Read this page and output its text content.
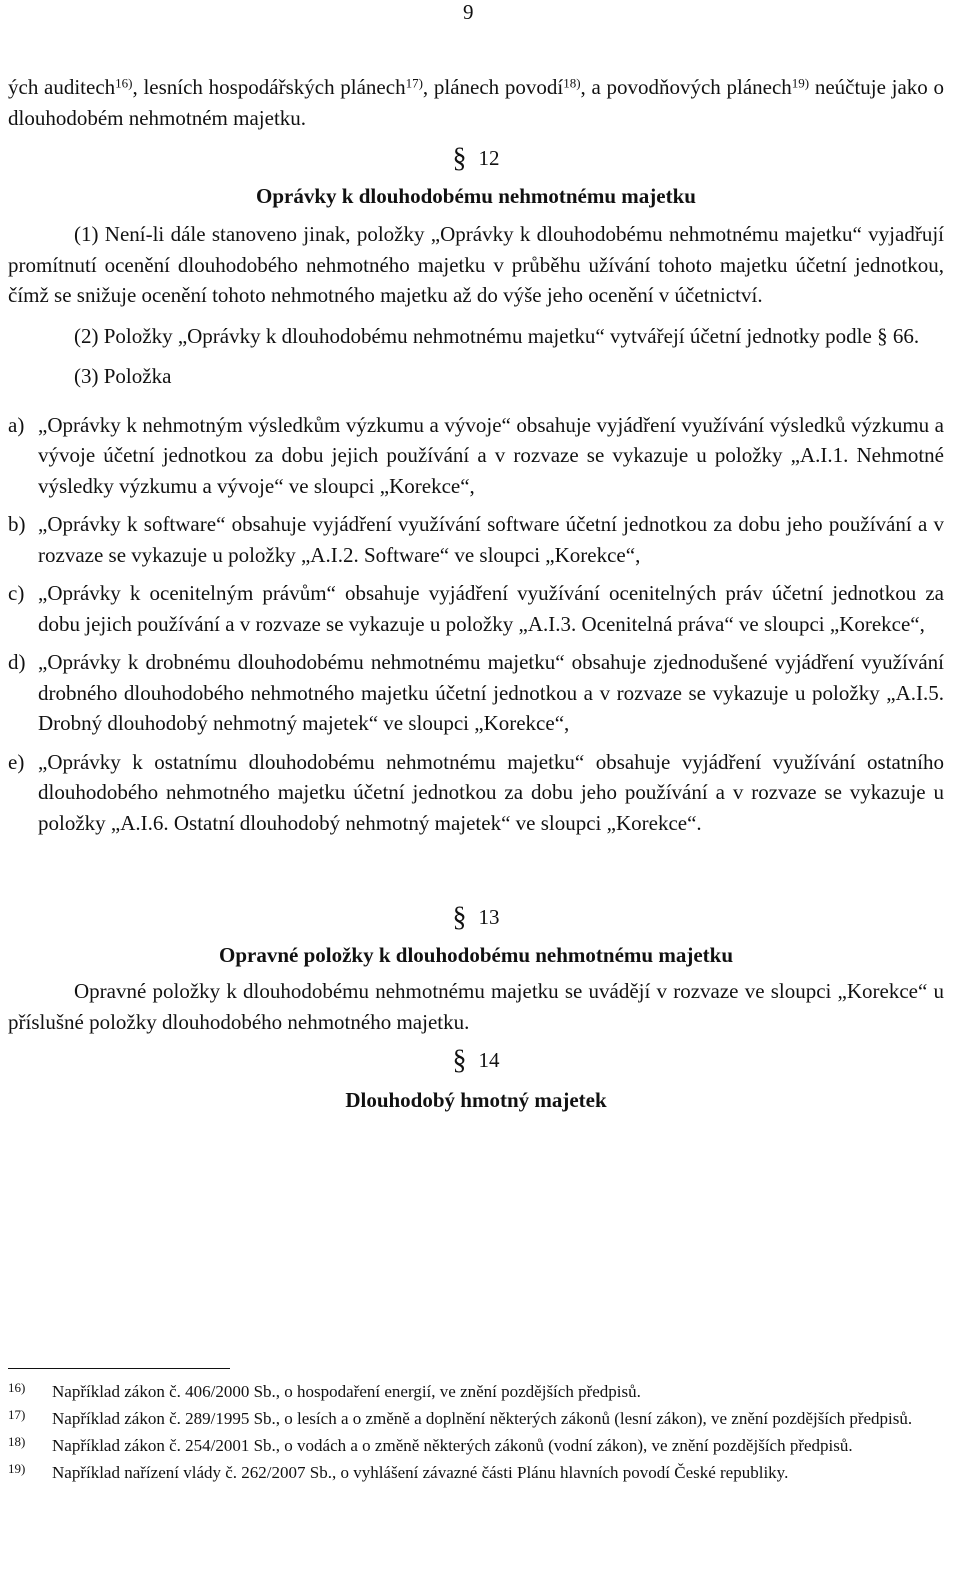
9

ých auditech$^{16)}$, lesních hospodářských plánech$^{17)}$, plánech povodí$^{18)}$, a povodňových plánech$^{19)}$ neúčtuje jako o dlouhodobém nehmotném majetku.

§ 12

Oprávky k dlouhodobému nehmotnému majetku

(1) Není-li dále stanoveno jinak, položky „Oprávky k dlouhodobému nehmotnému majetku“ vyjadřují promítnutí ocenění dlouhodobého nehmotného majetku v průběhu užívání tohoto majetku účetní jednotkou, čímž se snižuje ocenění tohoto nehmotného majetku až do výše jeho ocenění v účetnictví.

(2) Položky „Oprávky k dlouhodobému nehmotnému majetku“ vytvářejí účetní jednotky podle § 66.

(3) Položka

a) „Oprávky k nehmotným výsledkům výzkumu a vývoje“ obsahuje vyjádření využívání výsledků výzkumu a vývoje účetní jednotkou za dobu jejich používání a v rozvaze se vykazuje u položky „A.I.1. Nehmotné výsledky výzkumu a vývoje“ ve sloupci „Korekce“,
b) „Oprávky k software“ obsahuje vyjádření využívání software účetní jednotkou za dobu jeho používání a v rozvaze se vykazuje u položky „A.I.2. Software“ ve sloupci „Korekce“,
c) „Oprávky k ocenitelným právům“ obsahuje vyjádření využívání ocenitelných práv účetní jednotkou za dobu jejich používání a v rozvaze se vykazuje u položky „A.I.3. Ocenitelná práva“ ve sloupci „Korekce“,
d) „Oprávky k drobnému dlouhodobému nehmotnému majetku“ obsahuje zjednodušené vyjádření využívání drobného dlouhodobého nehmotného majetku účetní jednotkou a v rozvaze se vykazuje u položky „A.I.5. Drobný dlouhodobý nehmotný majetek“ ve sloupci „Korekce“,
e) „Oprávky k ostatnímu dlouhodobému nehmotnému majetku“ obsahuje vyjádření využívání ostatního dlouhodobého nehmotného majetku účetní jednotkou za dobu jeho používání a v rozvaze se vykazuje u položky „A.I.6. Ostatní dlouhodobý nehmotný majetek“ ve sloupci „Korekce“.

§ 13

Opravné položky k dlouhodobému nehmotnému majetku

Opravné položky k dlouhodobému nehmotnému majetku se uvádějí v rozvaze ve sloupci „Korekce“ u příslušné položky dlouhodobého nehmotného majetku.

§ 14

Dlouhodobý hmotný majetek

16) Například zákon č. 406/2000 Sb., o hospodaření energií, ve znění pozdějších předpisů.
17) Například zákon č. 289/1995 Sb., o lesích a o změně a doplnění některých zákonů (lesní zákon), ve znění pozdějších předpisů.
18) Například zákon č. 254/2001 Sb., o vodách a o změně některých zákonů (vodní zákon), ve znění pozdějších předpisů.
19) Například nařízení vlády č. 262/2007 Sb., o vyhlášení závazné části Plánu hlavních povodí České republiky.
